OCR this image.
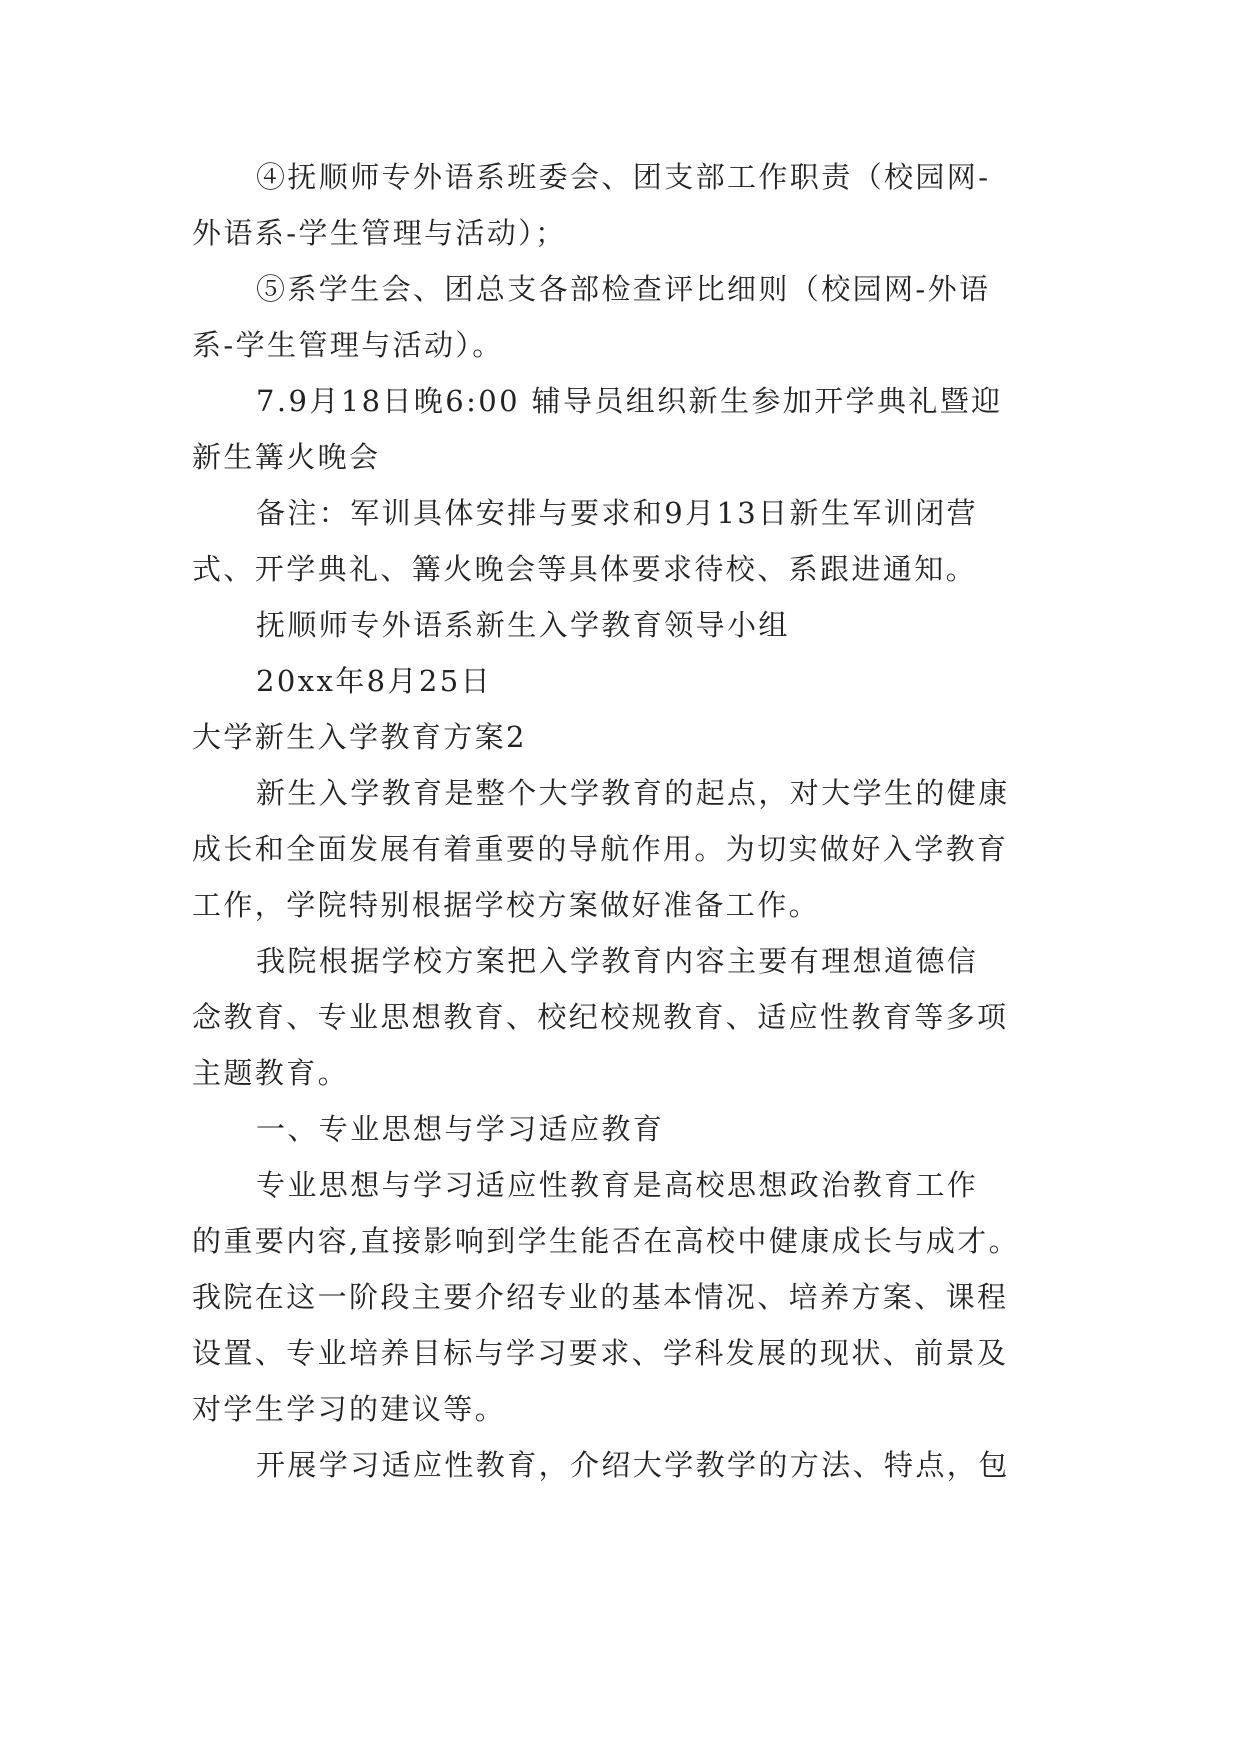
④抚顺师专外语系班委会、团支部工作职责（校园网-
外语系-学生管理与活动）；
⑤系学生会、团总支各部检查评比细则（校园网-外语
系-学生管理与活动）。
7.9月18日晚6:00 辅导员组织新生参加开学典礼暨迎
新生篝火晚会
备注：军训具体安排与要求和9月13日新生军训闭营
式、开学典礼、篝火晚会等具体要求待校、系跟进通知。
抚顺师专外语系新生入学教育领导小组
20xx年8月25日
大学新生入学教育方案2
新生入学教育是整个大学教育的起点，对大学生的健康
成长和全面发展有着重要的导航作用。为切实做好入学教育
工作，学院特别根据学校方案做好准备工作。
我院根据学校方案把入学教育内容主要有理想道德信
念教育、专业思想教育、校纪校规教育、适应性教育等多项
主题教育。
一、专业思想与学习适应教育
专业思想与学习适应性教育是高校思想政治教育工作
的重要内容,直接影响到学生能否在高校中健康成长与成才。
我院在这一阶段主要介绍专业的基本情况、培养方案、课程
设置、专业培养目标与学习要求、学科发展的现状、前景及
对学生学习的建议等。
开展学习适应性教育，介绍大学教学的方法、特点，包
